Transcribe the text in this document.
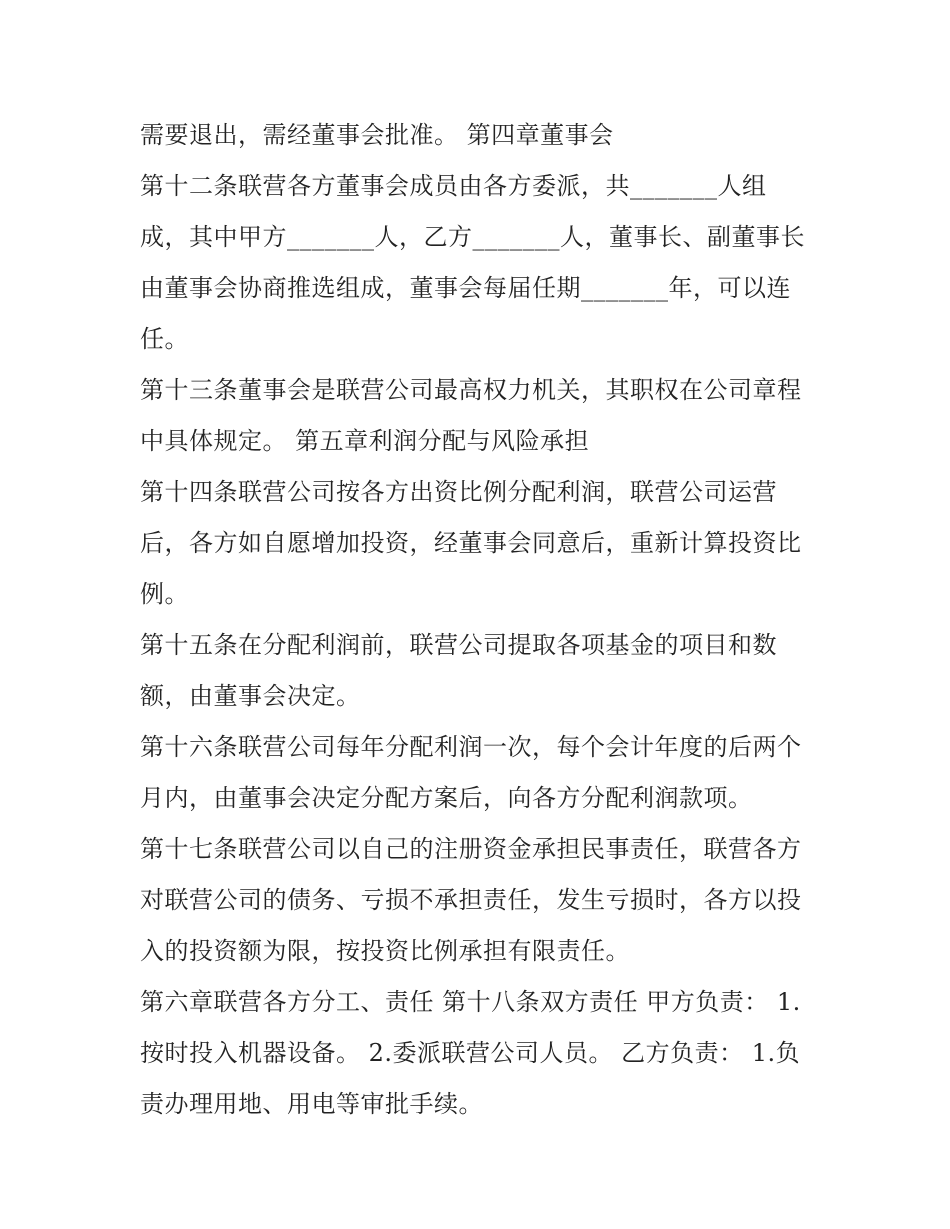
需要退出，需经董事会批准。 第四章董事会
第十二条联营各方董事会成员由各方委派，共_______人组
成，其中甲方_______人，乙方_______人，董事长、副董事长
由董事会协商推选组成，董事会每届任期_______年，可以连
任。
第十三条董事会是联营公司最高权力机关，其职权在公司章程
中具体规定。 第五章利润分配与风险承担
第十四条联营公司按各方出资比例分配利润，联营公司运营
后，各方如自愿增加投资，经董事会同意后，重新计算投资比
例。
第十五条在分配利润前，联营公司提取各项基金的项目和数
额，由董事会决定。
第十六条联营公司每年分配利润一次，每个会计年度的后两个
月内，由董事会决定分配方案后，向各方分配利润款项。
第十七条联营公司以自己的注册资金承担民事责任，联营各方
对联营公司的债务、亏损不承担责任，发生亏损时，各方以投
入的投资额为限，按投资比例承担有限责任。
第六章联营各方分工、责任 第十八条双方责任 甲方负责： 1.
按时投入机器设备。 2.委派联营公司人员。 乙方负责： 1.负
责办理用地、用电等审批手续。
